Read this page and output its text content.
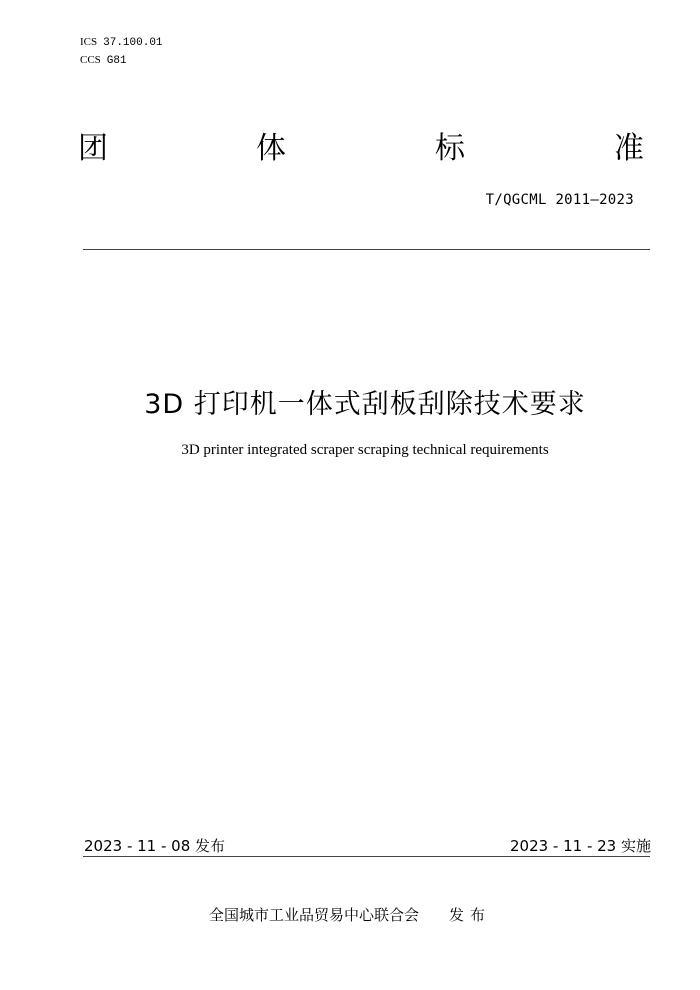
ICS 37.100.01
CCS G81
团	体	标	准
T/QGCML 2011—2023
3D 打印机一体式刮板刮除技术要求
3D printer integrated scraper scraping technical requirements
2023 - 11 - 08 发布	2023 - 11 - 23 实施
全国城市工业品贸易中心联合会 发布
